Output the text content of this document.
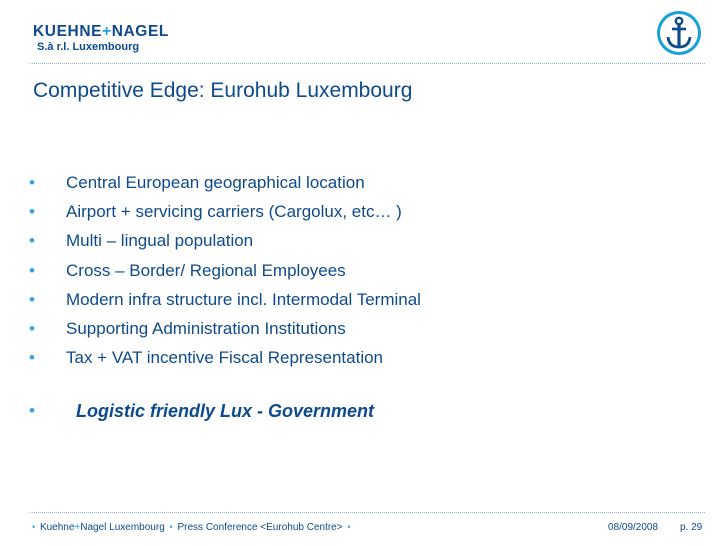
KUEHNE+NAGEL
S.à r.l. Luxembourg
Competitive Edge: Eurohub Luxembourg
• Central European geographical location
• Airport + servicing carriers (Cargolux, etc… )
• Multi – lingual population
• Cross – Border/ Regional Employees
• Modern infra structure incl. Intermodal Terminal
• Supporting Administration Institutions
• Tax + VAT incentive Fiscal Representation
• Logistic friendly Lux - Government
• Kuehne+Nagel Luxembourg • Press Conference <Eurohub Centre> •	08/09/2008 p. 29
